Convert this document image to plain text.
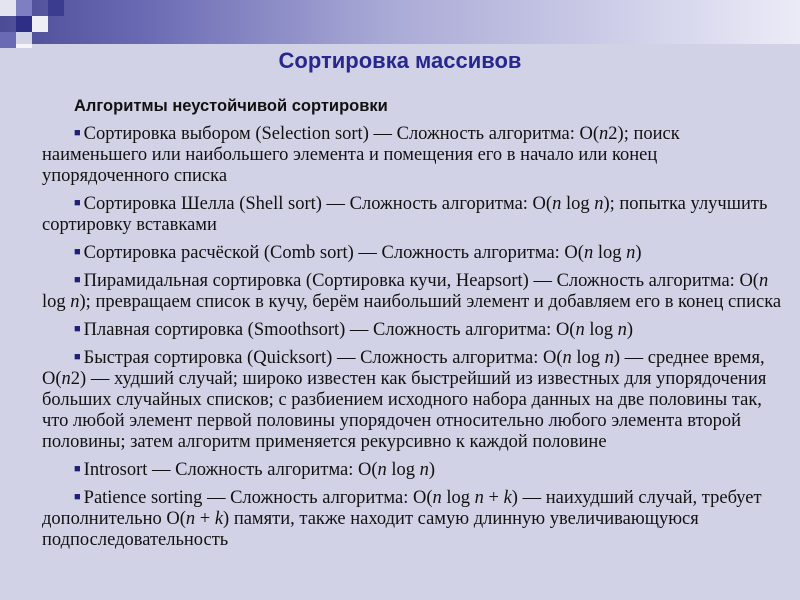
Сортировка массивов
Алгоритмы неустойчивой сортировки
■ Сортировка выбором (Selection sort) — Сложность алгоритма: O(n2); поиск наименьшего или наибольшего элемента и помещения его в начало или конец упорядоченного списка
■ Сортировка Шелла (Shell sort) — Сложность алгоритма: O(n log n); попытка улучшить сортировку вставками
■ Сортировка расчёской (Comb sort) — Сложность алгоритма: O(n log n)
■ Пирамидальная сортировка (Сортировка кучи, Heapsort) — Сложность алгоритма: O(n log n); превращаем список в кучу, берём наибольший элемент и добавляем его в конец списка
■ Плавная сортировка (Smoothsort) — Сложность алгоритма: O(n log n)
■ Быстрая сортировка (Quicksort) — Сложность алгоритма: O(n log n) — среднее время, O(n2) — худший случай; широко известен как быстрейший из известных для упорядочения больших случайных списков; с разбиением исходного набора данных на две половины так, что любой элемент первой половины упорядочен относительно любого элемента второй половины; затем алгоритм применяется рекурсивно к каждой половине
■ Introsort — Сложность алгоритма: O(n log n)
■ Patience sorting — Сложность алгоритма: O(n log n + k) — наихудший случай, требует дополнительно O(n + k) памяти, также находит самую длинную увеличивающуюся подпоследовательность
